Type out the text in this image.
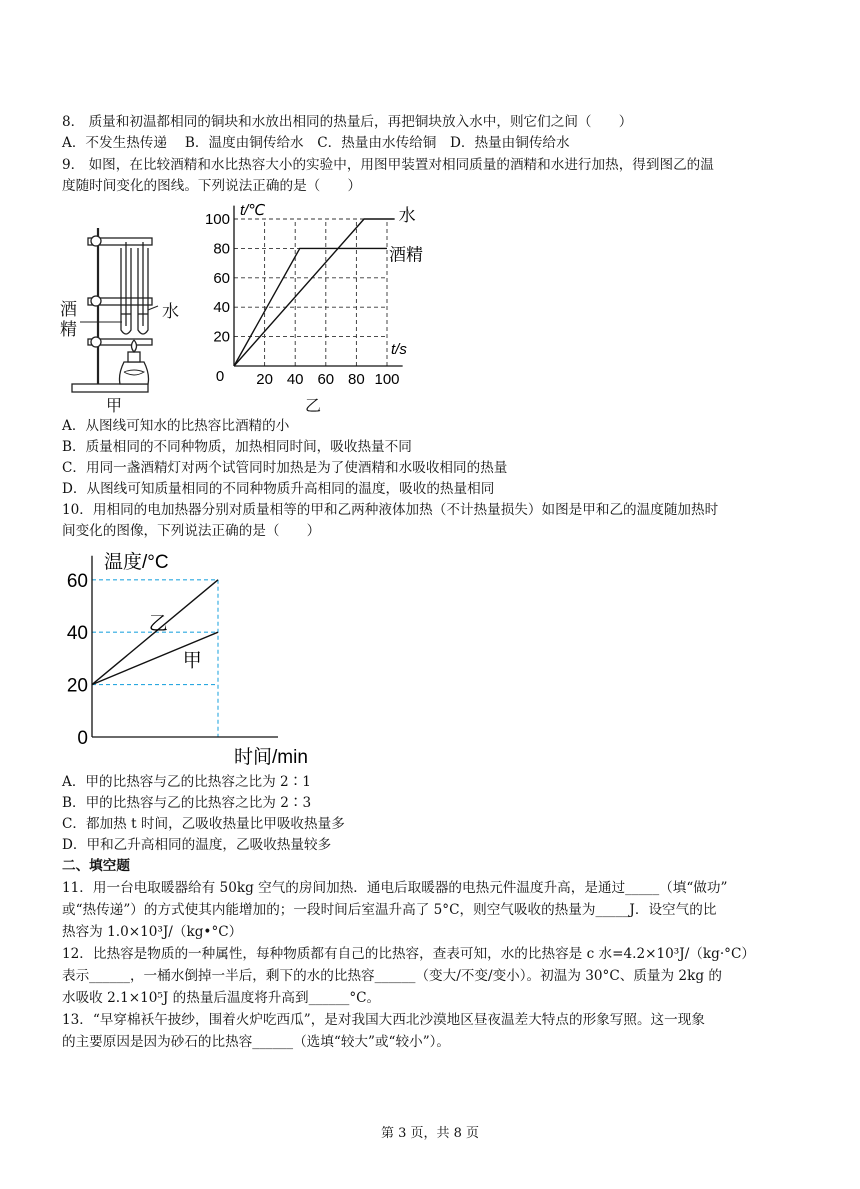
8． 质量和初温都相同的铜块和水放出相同的热量后，再把铜块放入水中，则它们之间（　　）
A．不发生热传递　 B．温度由铜传给水　C．热量由水传给铜　D．热量由铜传给水
9． 如图，在比较酒精和水比热容大小的实验中，用图甲装置对相同质量的酒精和水进行加热，得到图乙的温
度随时间变化的图线。下列说法正确的是（　　）
酒
精
水
甲
20
40
60
80
100
20 40 60 80 100
0
t/℃
t/s
水
酒精
乙
A．从图线可知水的比热容比酒精的小
B．质量相同的不同种物质，加热相同时间，吸收热量不同
C．用同一盏酒精灯对两个试管同时加热是为了使酒精和水吸收相同的热量
D．从图线可知质量相同的不同种物质升高相同的温度，吸收的热量相同
10．用相同的电加热器分别对质量相等的甲和乙两种液体加热（不计热量损失）如图是甲和乙的温度随加热时
间变化的图像，下列说法正确的是（　　）
0
20
40
60
温度/°C
时间/min
乙
甲
A．甲的比热容与乙的比热容之比为 2∶1
B．甲的比热容与乙的比热容之比为 2∶3
C．都加热 t 时间，乙吸收热量比甲吸收热量多
D．甲和乙升高相同的温度，乙吸收热量较多
二、填空题
11．用一台电取暖器给有 50kg 空气的房间加热．通电后取暖器的电热元件温度升高，是通过_____（填“做功”
或“热传递”）的方式使其内能增加的；一段时间后室温升高了 5°C，则空气吸收的热量为_____J．设空气的比
热容为 1.0×10³J/（kg•°C）
12．比热容是物质的一种属性，每种物质都有自己的比热容，查表可知，水的比热容是 c 水=4.2×10³J/（kg·°C）
表示______，一桶水倒掉一半后，剩下的水的比热容______（变大/不变/变小）。初温为 30°C、质量为 2kg 的
水吸收 2.1×10⁵J 的热量后温度将升高到______°C。
13．“早穿棉袄午披纱，围着火炉吃西瓜”，是对我国大西北沙漠地区昼夜温差大特点的形象写照。这一现象
的主要原因是因为砂石的比热容______（选填“较大”或“较小”）。
第 3 页，共 8 页
